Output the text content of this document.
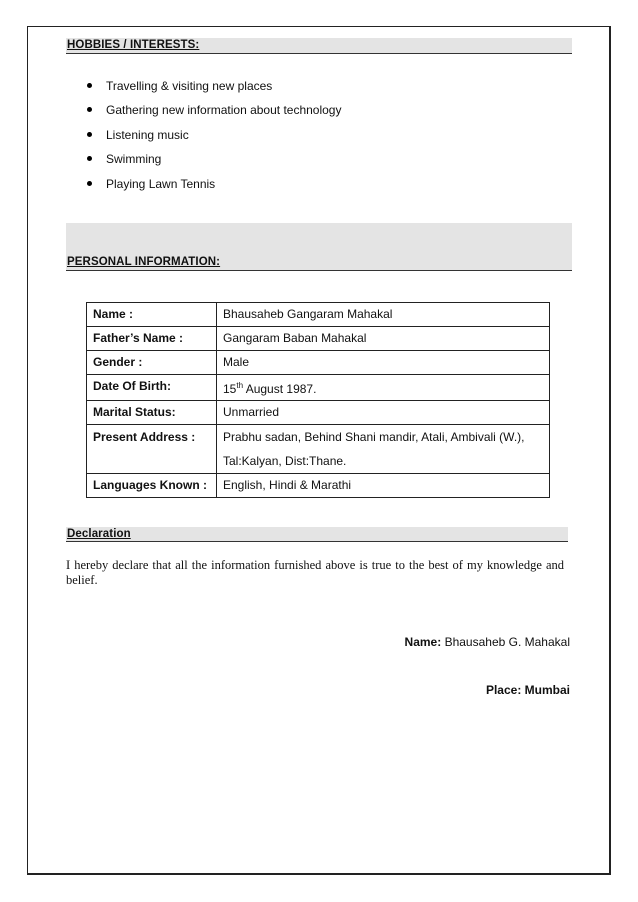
HOBBIES / INTERESTS:
Travelling & visiting new places
Gathering new information about technology
Listening music
Swimming
Playing Lawn Tennis
PERSONAL INFORMATION:
Name :	Bhausaheb Gangaram Mahakal
Father’s Name :	Gangaram Baban Mahakal
Gender :	Male
Date Of Birth:	15th August 1987.
Marital Status:	Unmarried
Present Address :	Prabhu sadan, Behind Shani mandir, Atali, Ambivali (W.),
Tal:Kalyan, Dist:Thane.

Languages Known :	English, Hindi & Marathi
Declaration
I hereby declare that all the information furnished above is true to the best of my knowledge and belief.
Name: Bhausaheb G. Mahakal
Place: Mumbai
